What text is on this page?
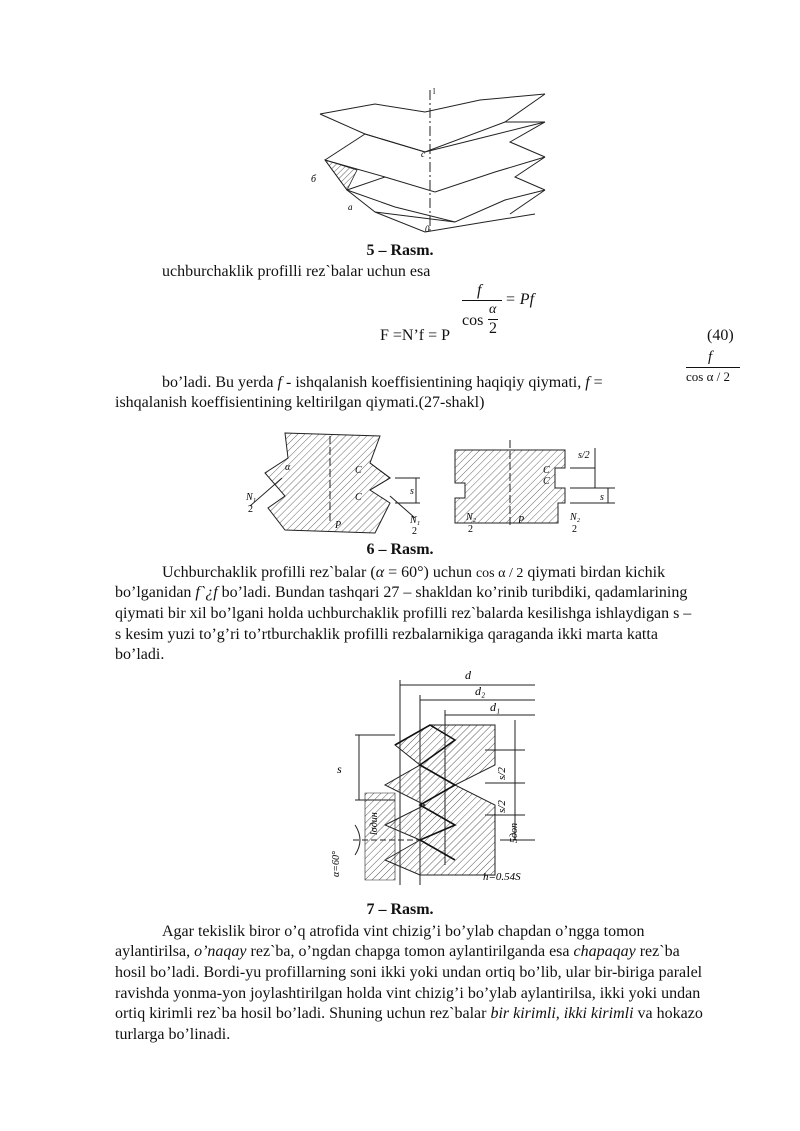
l
c
б
a
0
5 – Rasm.
uchburchaklik profilli rez`balar uchun esa
F =N’f = P
f
cos
α
2
= Pf
(40)
bo’ladi. Bu yerda f - ishqalanish koeffisientining haqiqiy qiymati, f =
f
cos α / 2
ishqalanish koeffisientining keltirilgan qiymati.(27-shakl)
C
C
s
α
P
N₁
2
N₁
2
C
C
s/2
s
P
N₂
2
N₂
2
6 – Rasm.
Uchburchaklik profilli rez`balar (α = 60°) uchun cos α / 2 qiymati birdan kichik
bo’lganidan f`¿f bo’ladi. Bundan tashqari 27 – shakldan ko’rinib turibdiki, qadamlarining
qiymati bir xil bo’lgani holda uchburchaklik profilli rez`balarda kesilishga ishlaydigan s –
s kesim yuzi to’g’ri to’rtburchaklik profilli rezbalarnikiga qaraganda ikki marta katta
bo’ladi.
d
d₂
d₁
s	s/2
s/2
5доп
lσдин
α=60°	h=0.54S
7 – Rasm.
Agar tekislik biror o’q atrofida vint chizig’i bo’ylab chapdan o’ngga tomon
aylantirilsa, o’naqay rez`ba, o’ngdan chapga tomon aylantirilganda esa chapaqay rez`ba
hosil bo’ladi. Bordi-yu profillarning soni ikki yoki undan ortiq bo’lib, ular bir-biriga paralel
ravishda yonma-yon joylashtirilgan holda vint chizig’i bo’ylab aylantirilsa, ikki yoki undan
ortiq kirimli rez`ba hosil bo’ladi. Shuning uchun rez`balar bir kirimli, ikki kirimli va hokazo
turlarga bo’linadi.
